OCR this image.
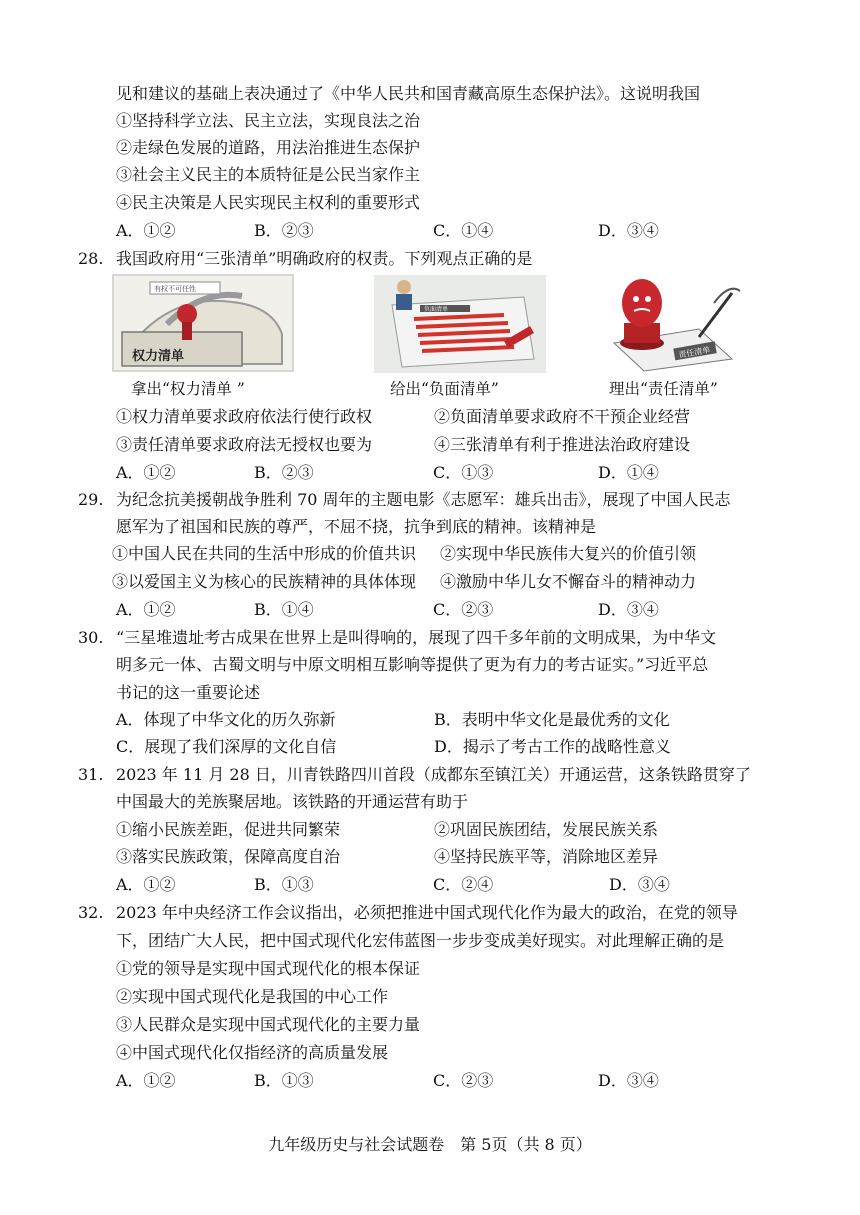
见和建议的基础上表决通过了《中华人民共和国青藏高原生态保护法》。这说明我国
①坚持科学立法、民主立法，实现良法之治
②走绿色发展的道路，用法治推进生态保护
③社会主义民主的本质特征是公民当家作主
④民主决策是人民实现民主权利的重要形式
A．①②	B．②③	C．①④	D．③④
28. 我国政府用“三张清单”明确政府的权责。下列观点正确的是
权力清单
有权不可任性
负面清单
责任清单
拿出“权力清单 ”	给出“负面清单”	理出“责任清单”
①权力清单要求政府依法行使行政权	②负面清单要求政府不干预企业经营
③责任清单要求政府法无授权也要为	④三张清单有利于推进法治政府建设
A．①②	B．②③	C．①③	D．①④
29. 为纪念抗美援朝战争胜利 70 周年的主题电影《志愿军：雄兵出击》，展现了中国人民志
愿军为了祖国和民族的尊严，不屈不挠，抗争到底的精神。该精神是
①中国人民在共同的生活中形成的价值共识 ②实现中华民族伟大复兴的价值引领
③以爱国主义为核心的民族精神的具体体现 ④激励中华儿女不懈奋斗的精神动力
A．①②	B．①④	C．②③	D．③④
30. “三星堆遗址考古成果在世界上是叫得响的，展现了四千多年前的文明成果，为中华文
明多元一体、古蜀文明与中原文明相互影响等提供了更为有力的考古证实。”习近平总
书记的这一重要论述
A．体现了中华文化的历久弥新	B．表明中华文化是最优秀的文化
C．展现了我们深厚的文化自信	D．揭示了考古工作的战略性意义
31. 2023 年 11 月 28 日，川青铁路四川首段（成都东至镇江关）开通运营，这条铁路贯穿了
中国最大的羌族聚居地。该铁路的开通运营有助于
①缩小民族差距，促进共同繁荣	②巩固民族团结，发展民族关系
③落实民族政策，保障高度自治	④坚持民族平等，消除地区差异
A．①②	B．①③	C．②④	D．③④
32. 2023 年中央经济工作会议指出，必须把推进中国式现代化作为最大的政治，在党的领导
下，团结广大人民，把中国式现代化宏伟蓝图一步步变成美好现实。对此理解正确的是
①党的领导是实现中国式现代化的根本保证
②实现中国式现代化是我国的中心工作
③人民群众是实现中国式现代化的主要力量
④中国式现代化仅指经济的高质量发展
A．①②	B．①③	C．②③	D．③④
九年级历史与社会试题卷　第 5页（共 8 页）
